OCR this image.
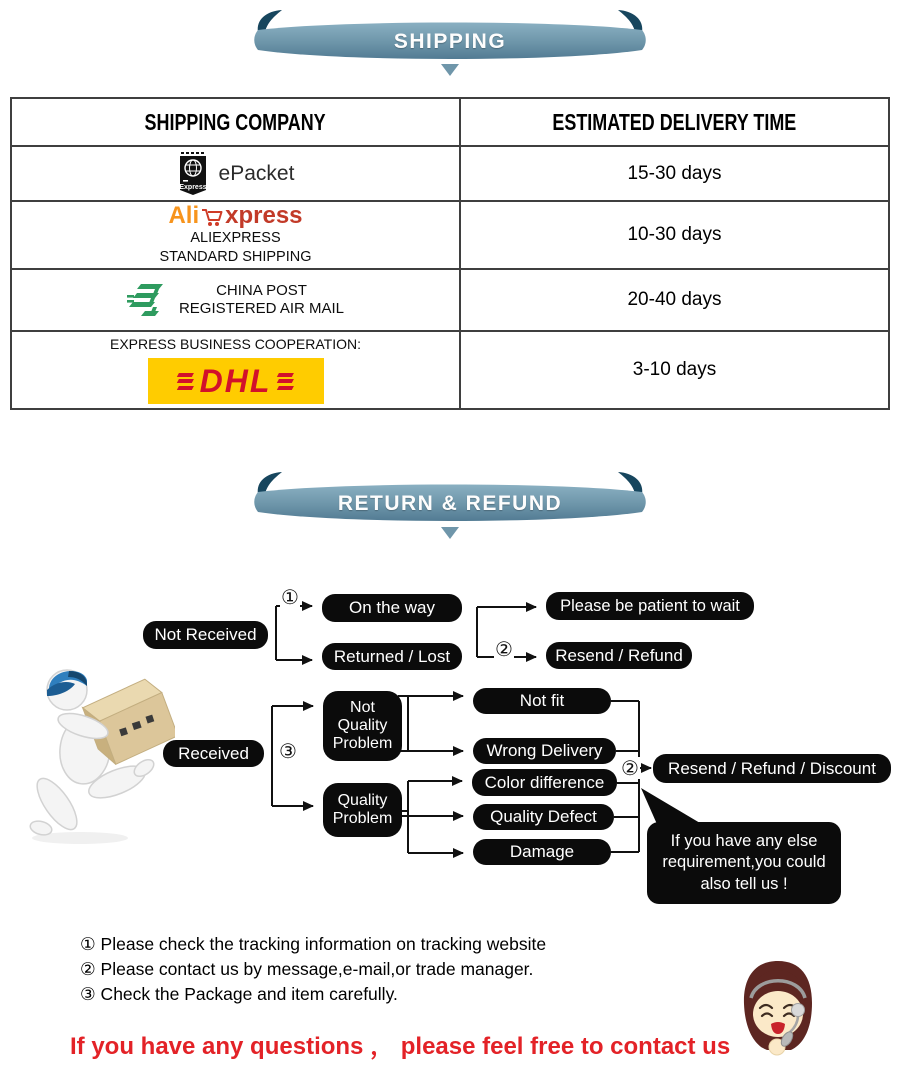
SHIPPING
SHIPPING COMPANY	ESTIMATED DELIVERY TIME

Express
ePacket	15-30 days

Ali xpress
ALIEXPRESS
STANDARD SHIPPING	10-30 days

CHINA POST
REGISTERED AIR MAIL	20-40 days

EXPRESS BUSINESS COOPERATION:
DHL	3-10 days
RETURN & REFUND
Not Received
On the way
Returned / Lost
Please be patient to wait
Resend / Refund
Not Quality Problem
Received
Quality Problem
Not fit
Wrong Delivery
Color difference
Quality Defect
Damage
Resend / Refund / Discount
If you have any else
requirement,you could
also tell us !
①
②
③
②
① Please check the tracking information on tracking website
② Please contact us by message,e-mail,or trade manager.
③ Check the Package and item carefully.
If you have any questions ， please feel free to contact us
